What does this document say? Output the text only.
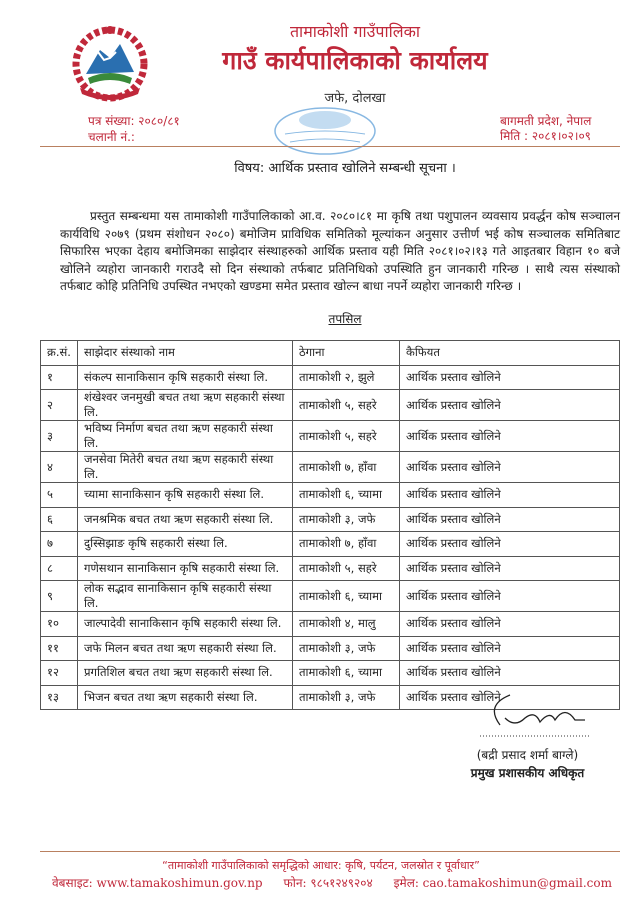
तामाकोशी गाउँपालिका
गाउँ कार्यपालिकाको कार्यालय
जफे, दोलखा
पत्र संख्या: २०८०/८१
चलानी नं.:
बागमती प्रदेश, नेपाल
मिति : २०८१।०२।०९
विषय: आर्थिक प्रस्ताव खोलिने सम्बन्धी सूचना ।
प्रस्तुत सम्बन्धमा यस तामाकोशी गाउँपालिकाको आ.व. २०८०।८१ मा कृषि तथा पशुपालन व्यवसाय प्रवर्द्धन कोष सञ्चालन कार्यविधि २०७९ (प्रथम संशोधन २०८०) बमोजिम प्राविधिक समितिको मूल्यांकन अनुसार उत्तीर्ण भई कोष सञ्चालक समितिबाट सिफारिस भएका देहाय बमोजिमका साझेदार संस्थाहरुको आर्थिक प्रस्ताव यही मिति २०८१।०२।१३ गते आइतबार विहान १० बजे खोलिने व्यहोरा जानकारी गराउदै सो दिन संस्थाको तर्फबाट प्रतिनिधिको उपस्थिति हुन जानकारी गरिन्छ । साथै त्यस संस्थाको तर्फबाट कोहि प्रतिनिधि उपस्थित नभएको खण्डमा समेत प्रस्ताव खोल्न बाधा नपर्ने व्यहोरा जानकारी गरिन्छ ।
तपसिल
क्र.सं.	साझेदार संस्थाको नाम	ठेगाना	कैफियत
१	संकल्प सानाकिसान कृषि सहकारी संस्था लि.	तामाकोशी २, झुले	आर्थिक प्रस्ताव खोलिने
२	शंखेश्वर जनमुखी बचत तथा ऋण सहकारी संस्था लि.	तामाकोशी ५, सहरे	आर्थिक प्रस्ताव खोलिने
३	भविष्य निर्माण बचत तथा ऋण सहकारी संस्था लि.	तामाकोशी ५, सहरे	आर्थिक प्रस्ताव खोलिने
४	जनसेवा मितेरी बचत तथा ऋण सहकारी संस्था लि.	तामाकोशी ७, हाँवा	आर्थिक प्रस्ताव खोलिने
५	च्यामा सानाकिसान कृषि सहकारी संस्था लि.	तामाकोशी ६, च्यामा	आर्थिक प्रस्ताव खोलिने
६	जनश्रमिक बचत तथा ऋण सहकारी संस्था लि.	तामाकोशी ३, जफे	आर्थिक प्रस्ताव खोलिने
७	दुस्सिझाङ कृषि सहकारी संस्था लि.	तामाकोशी ७, हाँवा	आर्थिक प्रस्ताव खोलिने
८	गणेसथान सानाकिसान कृषि सहकारी संस्था लि.	तामाकोशी ५, सहरे	आर्थिक प्रस्ताव खोलिने
९	लोक सद्भाव सानाकिसान कृषि सहकारी संस्था लि.	तामाकोशी ६, च्यामा	आर्थिक प्रस्ताव खोलिने
१०	जाल्पादेवी सानाकिसान कृषि सहकारी संस्था लि.	तामाकोशी ४, मालु	आर्थिक प्रस्ताव खोलिने
११	जफे मिलन बचत तथा ऋण सहकारी संस्था लि.	तामाकोशी ३, जफे	आर्थिक प्रस्ताव खोलिने
१२	प्रगतिशिल बचत तथा ऋण सहकारी संस्था लि.	तामाकोशी ६, च्यामा	आर्थिक प्रस्ताव खोलिने
१३	भिजन बचत तथा ऋण सहकारी संस्था लि.	तामाकोशी ३, जफे	आर्थिक प्रस्ताव खोलिने
(बद्री प्रसाद शर्मा बाग्ले)
प्रमुख प्रशासकीय अधिकृत
“तामाकोशी गाउँपालिकाको समृद्धिको आधार: कृषि, पर्यटन, जलस्रोत र पूर्वाधार”
वेबसाइट: www.tamakoshimun.gov.np फोन: ९८५१२४९२०४ इमेल: cao.tamakoshimun@gmail.com
